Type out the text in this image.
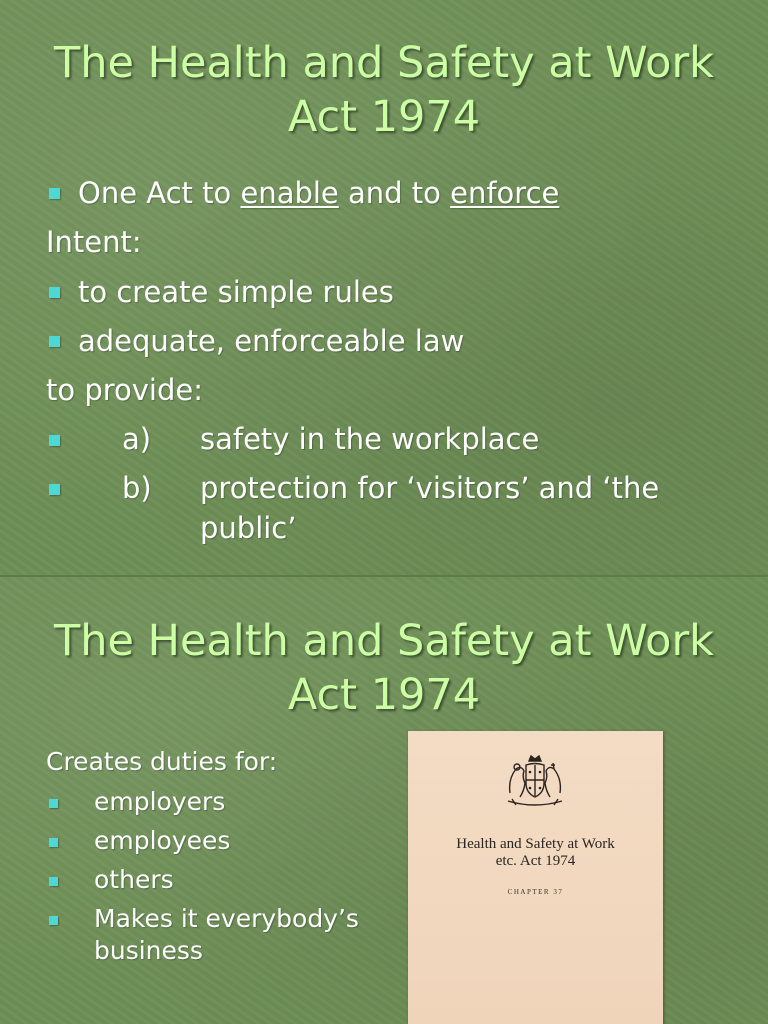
The Health and Safety at Work
Act 1974
One Act to enable and to enforce
Intent:
to create simple rules
adequate, enforceable law
to provide:
a) safety in the workplace
b) protection for ‘visitors’ and ‘the
public’
The Health and Safety at Work
Act 1974
Creates duties for:
employers
employees
others
Makes it everybody’s
business
Health and Safety at Work
etc. Act 1974
CHAPTER 37
